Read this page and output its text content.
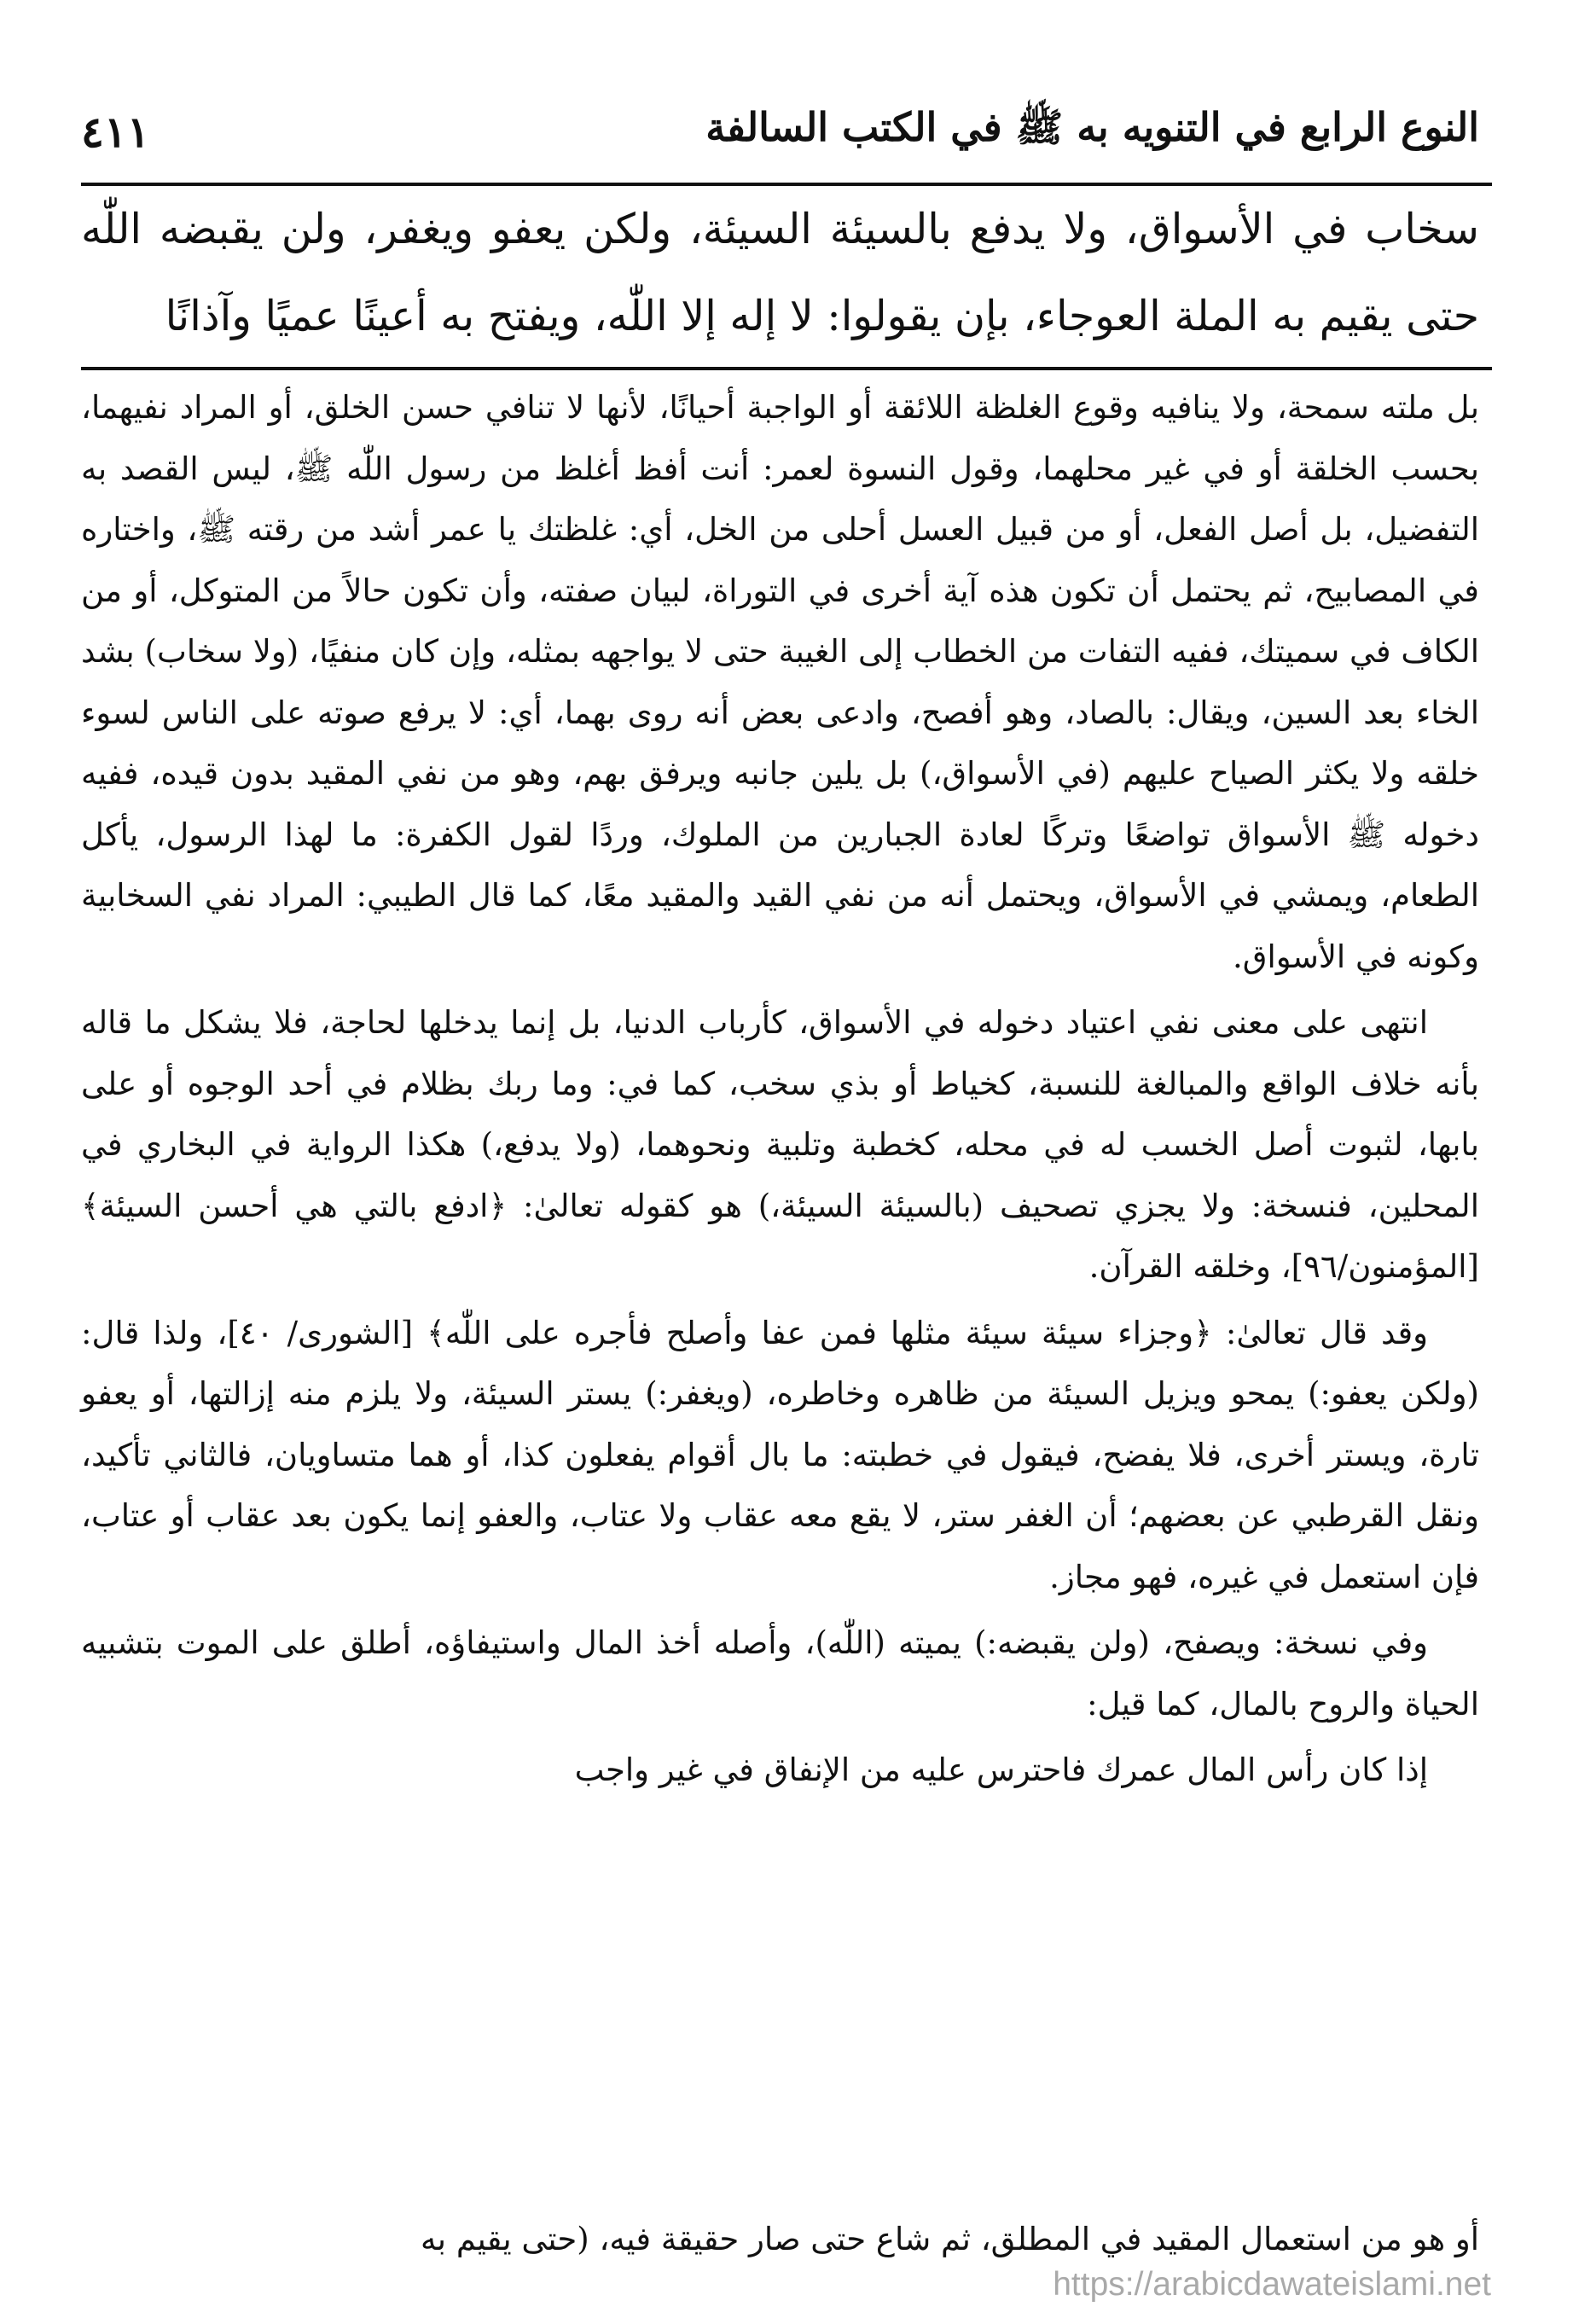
النوع الرابع في التنويه به ﷺ في الكتب السالفة
٤١١
سخاب في الأسواق، ولا يدفع بالسيئة السيئة، ولكن يعفو ويغفر، ولن يقبضه اللّٰه حتى يقيم به الملة العوجاء، بإن يقولوا: لا إله إلا اللّٰه، ويفتح به أعينًا عميًا وآذانًا

بل ملته سمحة، ولا ينافيه وقوع الغلظة اللائقة أو الواجبة أحيانًا، لأنها لا تنافي حسن الخلق، أو المراد نفيهما، بحسب الخلقة أو في غير محلهما، وقول النسوة لعمر: أنت أفظ أغلظ من رسول اللّٰه ﷺ، ليس القصد به التفضيل، بل أصل الفعل، أو من قبيل العسل أحلى من الخل، أي: غلظتك يا عمر أشد من رقته ﷺ، واختاره في المصابيح، ثم يحتمل أن تكون هذه آية أخرى في التوراة، لبيان صفته، وأن تكون حالاً من المتوكل، أو من الكاف في سميتك، ففيه التفات من الخطاب إلى الغيبة حتى لا يواجهه بمثله، وإن كان منفيًا، (ولا سخاب) بشد الخاء بعد السين، ويقال: بالصاد، وهو أفصح، وادعى بعض أنه روى بهما، أي: لا يرفع صوته على الناس لسوء خلقه ولا يكثر الصياح عليهم (في الأسواق،) بل يلين جانبه ويرفق بهم، وهو من نفي المقيد بدون قيده، ففيه دخوله ﷺ الأسواق تواضعًا وتركًا لعادة الجبارين من الملوك، وردًا لقول الكفرة: ما لهذا الرسول، يأكل الطعام، ويمشي في الأسواق، ويحتمل أنه من نفي القيد والمقيد معًا، كما قال الطيبي: المراد نفي السخابية وكونه في الأسواق.

انتهى على معنى نفي اعتياد دخوله في الأسواق، كأرباب الدنيا، بل إنما يدخلها لحاجة، فلا يشكل ما قاله بأنه خلاف الواقع والمبالغة للنسبة، كخياط أو بذي سخب، كما في: وما ربك بظلام في أحد الوجوه أو على بابها، لثبوت أصل الخسب له في محله، كخطبة وتلبية ونحوهما، (ولا يدفع،) هكذا الرواية في البخاري في المحلين، فنسخة: ولا يجزي تصحيف (بالسيئة السيئة،) هو كقوله تعالىٰ: ﴿ادفع بالتي هي أحسن السيئة﴾ [المؤمنون/٩٦]، وخلقه القرآن.

وقد قال تعالىٰ: ﴿وجزاء سيئة سيئة مثلها فمن عفا وأصلح فأجره على اللّٰه﴾ [الشورى/ ٤٠]، ولذا قال: (ولكن يعفو:) يمحو ويزيل السيئة من ظاهره وخاطره، (ويغفر:) يستر السيئة، ولا يلزم منه إزالتها، أو يعفو تارة، ويستر أخرى، فلا يفضح، فيقول في خطبته: ما بال أقوام يفعلون كذا، أو هما متساويان، فالثاني تأكيد، ونقل القرطبي عن بعضهم؛ أن الغفر ستر، لا يقع معه عقاب ولا عتاب، والعفو إنما يكون بعد عقاب أو عتاب، فإن استعمل في غيره، فهو مجاز.

وفي نسخة: ويصفح، (ولن يقبضه:) يميته (اللّٰه)، وأصله أخذ المال واستيفاؤه، أطلق على الموت بتشبيه الحياة والروح بالمال، كما قيل:

إذا كان رأس المال عمرك فاحترس عليه من الإنفاق في غير واجب

أو هو من استعمال المقيد في المطلق، ثم شاع حتى صار حقيقة فيه، (حتى يقيم به

https://arabicdawateislami.net
